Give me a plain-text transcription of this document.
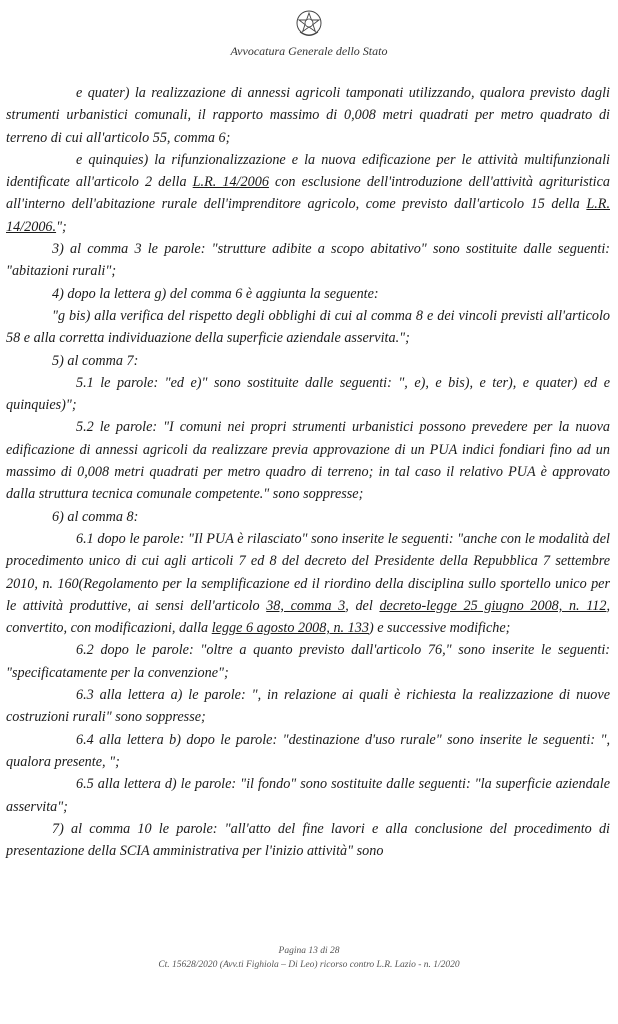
Avvocatura Generale dello Stato

e quater) la realizzazione di annessi agricoli tamponati utilizzando, qualora previsto dagli strumenti urbanistici comunali, il rapporto massimo di 0,008 metri quadrati per metro quadrato di terreno di cui all'articolo 55, comma 6;

e quinquies) la rifunzionalizzazione e la nuova edificazione per le attività multifunzionali identificate all'articolo 2 della L.R. 14/2006 con esclusione dell'introduzione dell'attività agrituristica all'interno dell'abitazione rurale dell'imprenditore agricolo, come previsto dall'articolo 15 della L.R. 14/2006.";

3) al comma 3 le parole: "strutture adibite a scopo abitativo" sono sostituite dalle seguenti: "abitazioni rurali";

4) dopo la lettera g) del comma 6 è aggiunta la seguente:

"g bis) alla verifica del rispetto degli obblighi di cui al comma 8 e dei vincoli previsti all'articolo 58 e alla corretta individuazione della superficie aziendale asservita.";

5) al comma 7:

5.1 le parole: "ed e)" sono sostituite dalle seguenti: ", e), e bis), e ter), e quater) ed e quinquies)";

5.2 le parole: "I comuni nei propri strumenti urbanistici possono prevedere per la nuova edificazione di annessi agricoli da realizzare previa approvazione di un PUA indici fondiari fino ad un massimo di 0,008 metri quadrati per metro quadro di terreno; in tal caso il relativo PUA è approvato dalla struttura tecnica comunale competente." sono soppresse;

6) al comma 8:

6.1 dopo le parole: "Il PUA è rilasciato" sono inserite le seguenti: "anche con le modalità del procedimento unico di cui agli articoli 7 ed 8 del decreto del Presidente della Repubblica 7 settembre 2010, n. 160(Regolamento per la semplificazione ed il riordino della disciplina sullo sportello unico per le attività produttive, ai sensi dell'articolo 38, comma 3, del decreto-legge 25 giugno 2008, n. 112, convertito, con modificazioni, dalla legge 6 agosto 2008, n. 133) e successive modifiche;

6.2 dopo le parole: "oltre a quanto previsto dall'articolo 76," sono inserite le seguenti: "specificatamente per la convenzione";

6.3 alla lettera a) le parole: ", in relazione ai quali è richiesta la realizzazione di nuove costruzioni rurali" sono soppresse;

6.4 alla lettera b) dopo le parole: "destinazione d'uso rurale" sono inserite le seguenti: ", qualora presente, ";

6.5 alla lettera d) le parole: "il fondo" sono sostituite dalle seguenti: "la superficie aziendale asservita";

7) al comma 10 le parole: "all'atto del fine lavori e alla conclusione del procedimento di presentazione della SCIA amministrativa per l'inizio attività" sono

Pagina 13 di 28
Ct. 15628/2020 (Avv.ti Fighiola – Di Leo) ricorso contro L.R. Lazio - n. 1/2020
